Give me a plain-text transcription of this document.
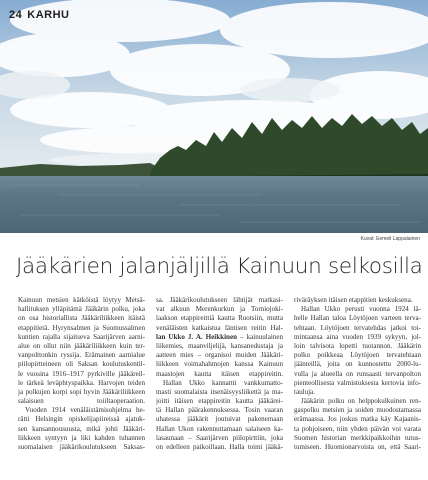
24 KARHU
Kuvat: Eemeli Lappalainen
Jääkärien jalanjäljillä Kainuun selkosilla
Kainuun metsien kätköistä löytyy Metsä-
hallituksen ylläpitämä Jääkärin polku, joka
on osa historiallista Jääkäriliikkeen itäistä
etappitietä. Hyrynsalmen ja Suomussalmen
kuntien rajalla sijaitseva Saarijärven aarni-
alue on ollut niin jääkäriliikkeen kuin ter-
vanpolttonkin ryssija. Erämainen aarnialue
piilopirtteineen oli Saksan koulutuskentil-
le vuosina 1916–1917 pyrkiville jääkäreil-
le tärkeä leväphtyspaikka. Harvojen teiden
ja polkujen korpi sopi hyvin Jääkäriliikkeen
salaisuen toiiltaoperaation.
Vuoden 1914 venäläistämisohjelma he-
rätti Helsingin opiskelijapiireissä ajatuk-
sen kansannousuusta, mikä johti Jääkäri-
liikkeen syntyyn ja liki kahden tuhannen
suomalaisen jääkärikoulutukseen Saksas-
sa. Jääkärikoulutukseen lähtijät matkasi-
vat alkuun Merenkurkun ja Torniojoki-
laakson etappireittiä kautta Ruotsiin, mutta
venäläisten katkaistua läntisen reitin Hal-
lan Ukko J. A. Heikkinen – kainuulainen
liikemies, maanviljelijä, kansanedustaja ja
aatteen mies – organisoi muiden Jääkäri-
liikkeen voimahahmojen kanssa Kainuun
maastojen kautta itäisen etappireitin.
Hallan Ukko kannattti vankkumatto-
masti suomalaista itsenäisyysliikettä ja ma-
joitti itäisen etappireitin kautta jääkärei-
tä Hallan päärakennuksessa. Tosin vaaran
uhatessa jääkärit joutuivat pakenemaan
Hallan Ukon rakennuttamaan salaiseen ka-
lasaunaan – Saarijärven piilopirttiin, joka
on edelleen paikoillaan. Halla toimi jääkä-
riväräyksen itäisen etappitien keskuksena.
Hallan Ukko perusti vuonna 1924 lä-
helle Hallan taloa Löytöjoen varteen terva-
tehtaan. Löytöjoen tervatehdas jatkoi toi-
mintaansa aina vuoden 1939 sykyyn, jol-
loin talvisota lopetti tuotannon. Jääkärin
polku poikkeaa Löytöjoen tervatehtaan
jäänteillä, joita on kunnostettu 2000-lu-
vulla ja alueella on runsaasti tervanpolton
pienteollisesta valmistuksesta kertovia info-
tauluja.
Jääkärin polku on helppokulkuinen ren-
gaspolku metsien ja soiden muodostamassa
erämaassa. Jos joskus matka käy Kajaanis-
ta pohjoiseen, niin yhden päivän voi varata
Suomen historian merkkipaikkoihin tutus-
tumiseen. Huomionarvoista on, että Saari-
